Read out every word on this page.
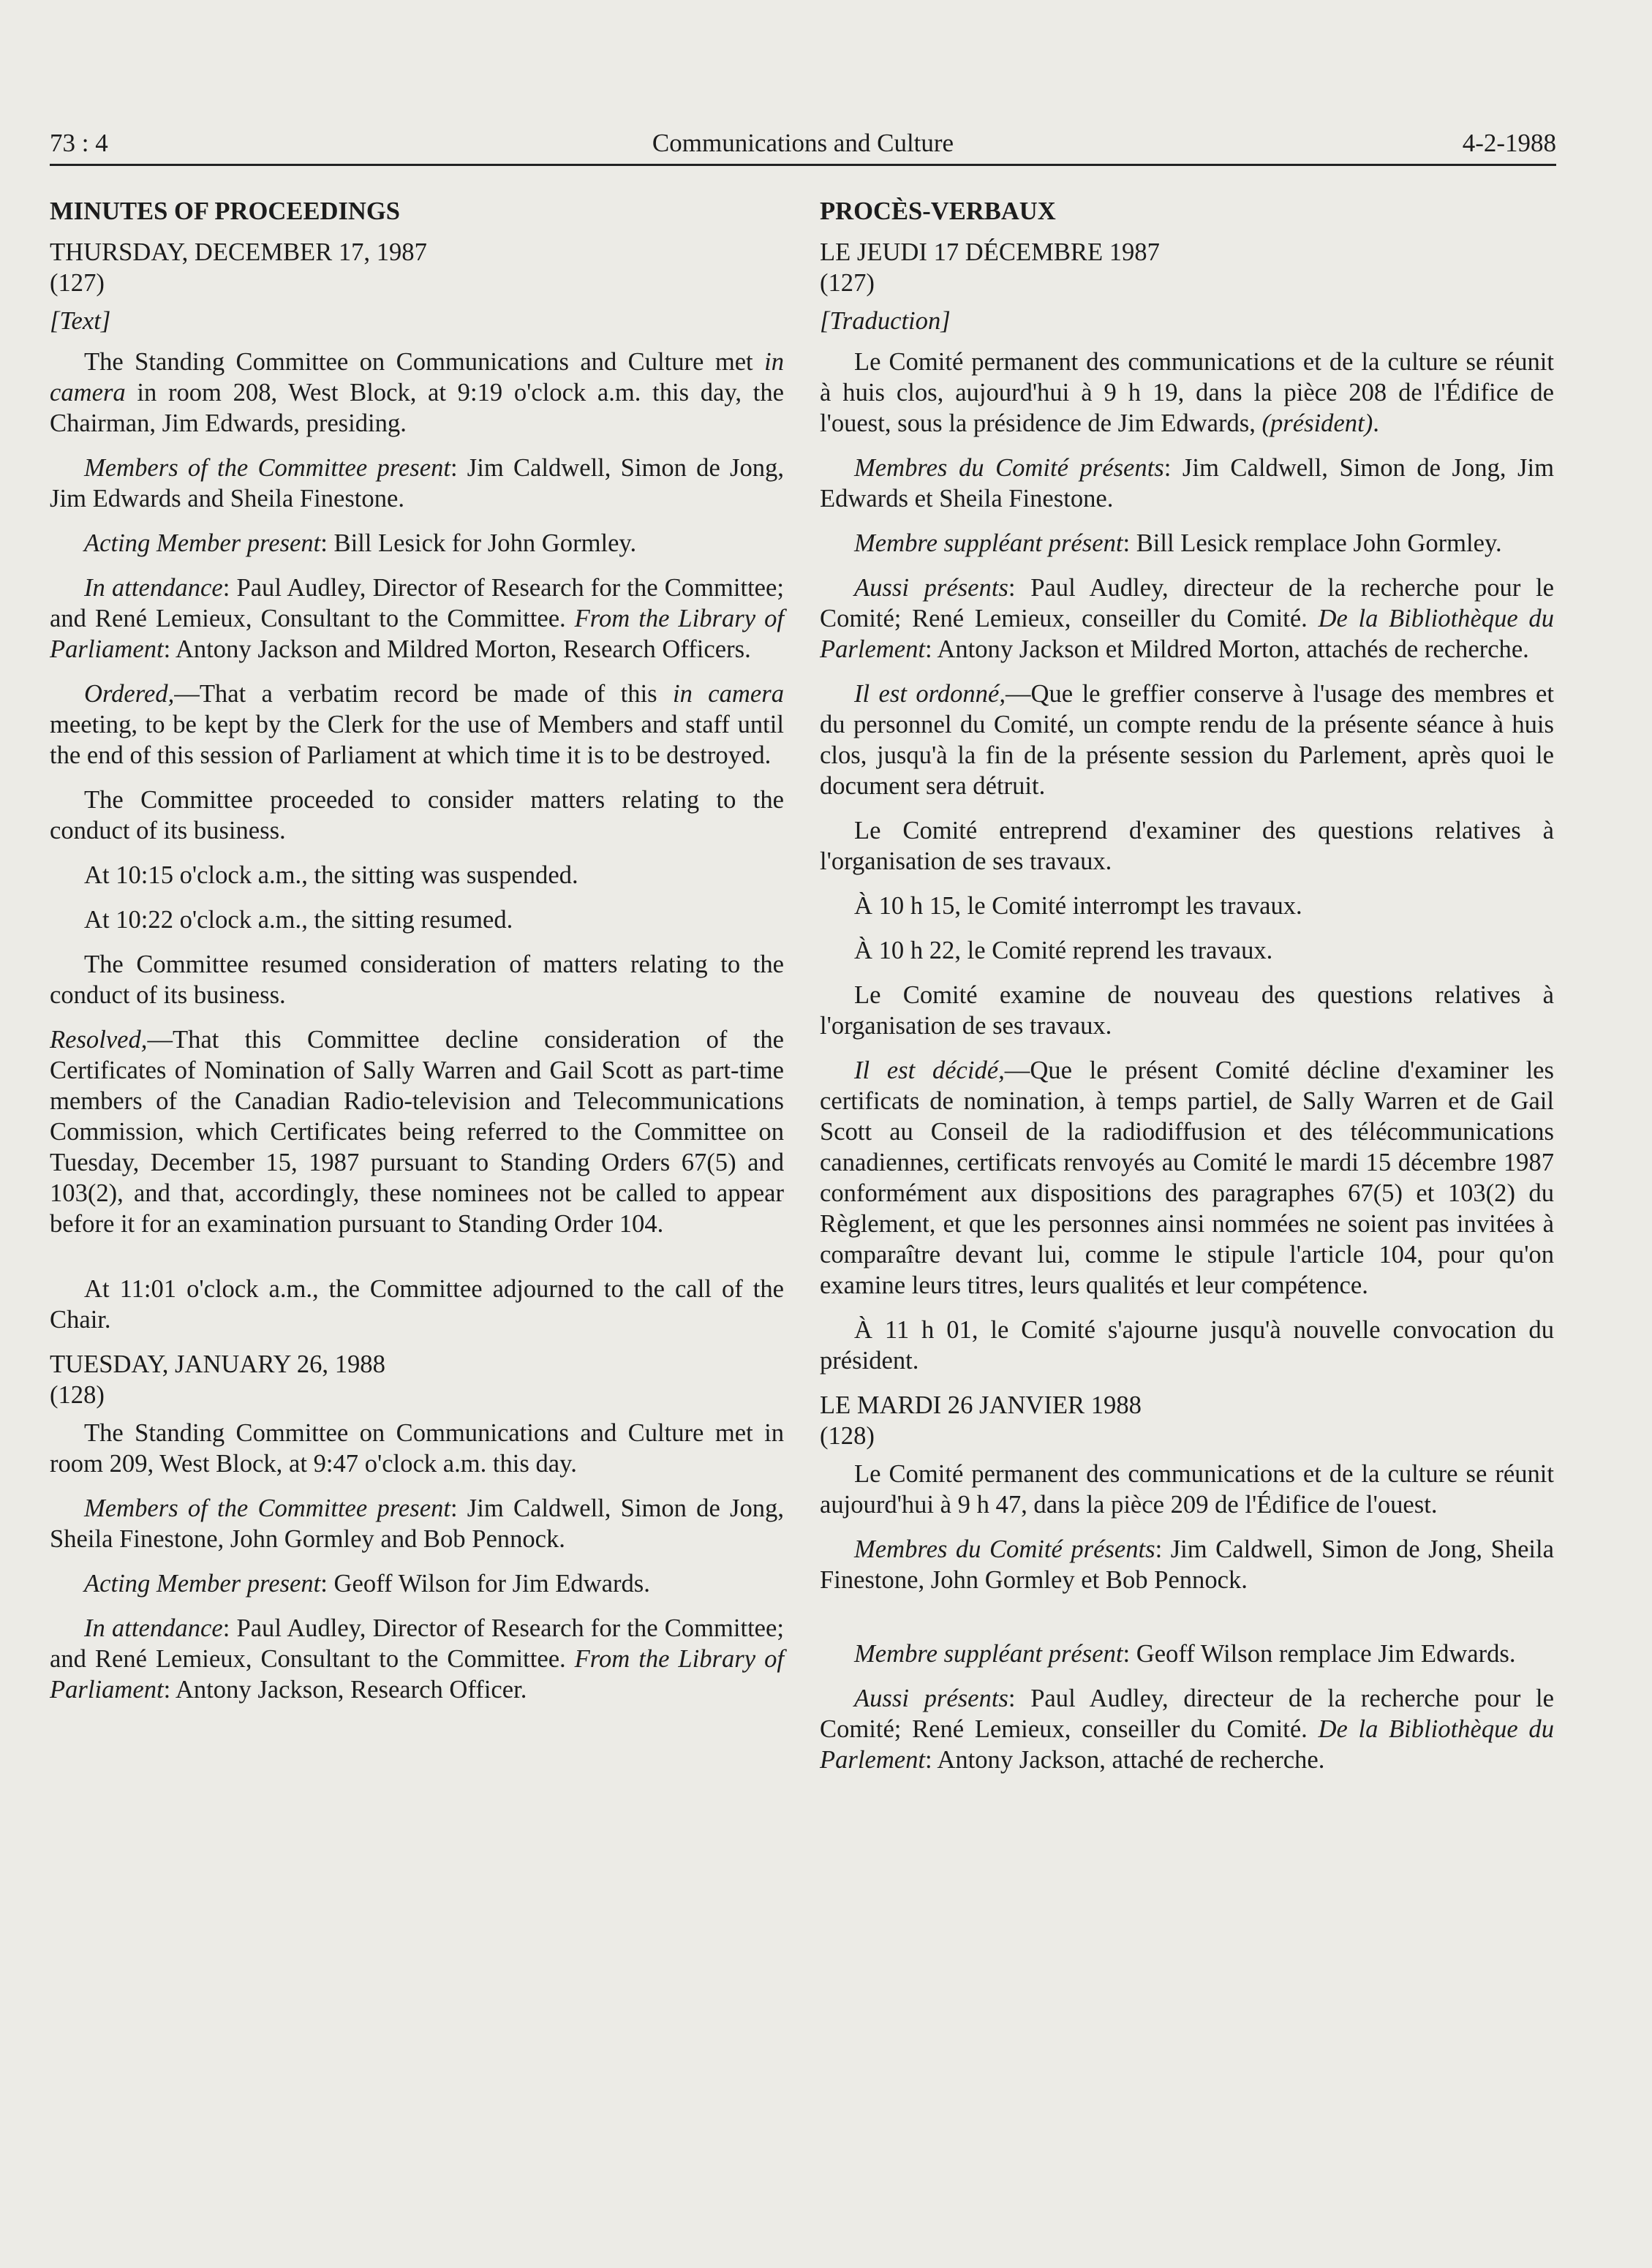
73 : 4	Communications and Culture	4-2-1988
MINUTES OF PROCEEDINGS
THURSDAY, DECEMBER 17, 1987
(127)
[Text]

The Standing Committee on Communications and Culture met in camera in room 208, West Block, at 9:19 o'clock a.m. this day, the Chairman, Jim Edwards, presiding.

Members of the Committee present: Jim Caldwell, Simon de Jong, Jim Edwards and Sheila Finestone.

Acting Member present: Bill Lesick for John Gormley.

In attendance: Paul Audley, Director of Research for the Committee; and René Lemieux, Consultant to the Committee. From the Library of Parliament: Antony Jackson and Mildred Morton, Research Officers.

Ordered,—That a verbatim record be made of this in camera meeting, to be kept by the Clerk for the use of Members and staff until the end of this session of Parliament at which time it is to be destroyed.

The Committee proceeded to consider matters relating to the conduct of its business.

At 10:15 o'clock a.m., the sitting was suspended.

At 10:22 o'clock a.m., the sitting resumed.

The Committee resumed consideration of matters relating to the conduct of its business.

Resolved,—That this Committee decline consideration of the Certificates of Nomination of Sally Warren and Gail Scott as part-time members of the Canadian Radio-television and Telecommunications Commission, which Certificates being referred to the Committee on Tuesday, December 15, 1987 pursuant to Standing Orders 67(5) and 103(2), and that, accordingly, these nominees not be called to appear before it for an examination pursuant to Standing Order 104.

At 11:01 o'clock a.m., the Committee adjourned to the call of the Chair.

TUESDAY, JANUARY 26, 1988
(128)

The Standing Committee on Communications and Culture met in room 209, West Block, at 9:47 o'clock a.m. this day.

Members of the Committee present: Jim Caldwell, Simon de Jong, Sheila Finestone, John Gormley and Bob Pennock.

Acting Member present: Geoff Wilson for Jim Edwards.

In attendance: Paul Audley, Director of Research for the Committee; and René Lemieux, Consultant to the Committee. From the Library of Parliament: Antony Jackson, Research Officer.

PROCÈS-VERBAUX
LE JEUDI 17 DÉCEMBRE 1987
(127)
[Traduction]

Le Comité permanent des communications et de la culture se réunit à huis clos, aujourd'hui à 9 h 19, dans la pièce 208 de l'Édifice de l'ouest, sous la présidence de Jim Edwards, (président).

Membres du Comité présents: Jim Caldwell, Simon de Jong, Jim Edwards et Sheila Finestone.

Membre suppléant présent: Bill Lesick remplace John Gormley.

Aussi présents: Paul Audley, directeur de la recherche pour le Comité; René Lemieux, conseiller du Comité. De la Bibliothèque du Parlement: Antony Jackson et Mildred Morton, attachés de recherche.

Il est ordonné,—Que le greffier conserve à l'usage des membres et du personnel du Comité, un compte rendu de la présente séance à huis clos, jusqu'à la fin de la présente session du Parlement, après quoi le document sera détruit.

Le Comité entreprend d'examiner des questions relatives à l'organisation de ses travaux.

À 10 h 15, le Comité interrompt les travaux.

À 10 h 22, le Comité reprend les travaux.

Le Comité examine de nouveau des questions relatives à l'organisation de ses travaux.

Il est décidé,—Que le présent Comité décline d'examiner les certificats de nomination, à temps partiel, de Sally Warren et de Gail Scott au Conseil de la radiodiffusion et des télécommunications canadiennes, certificats renvoyés au Comité le mardi 15 décembre 1987 conformément aux dispositions des paragraphes 67(5) et 103(2) du Règlement, et que les personnes ainsi nommées ne soient pas invitées à comparaître devant lui, comme le stipule l'article 104, pour qu'on examine leurs titres, leurs qualités et leur compétence.

À 11 h 01, le Comité s'ajourne jusqu'à nouvelle convocation du président.

LE MARDI 26 JANVIER 1988
(128)

Le Comité permanent des communications et de la culture se réunit aujourd'hui à 9 h 47, dans la pièce 209 de l'Édifice de l'ouest.

Membres du Comité présents: Jim Caldwell, Simon de Jong, Sheila Finestone, John Gormley et Bob Pennock.

Membre suppléant présent: Geoff Wilson remplace Jim Edwards.

Aussi présents: Paul Audley, directeur de la recherche pour le Comité; René Lemieux, conseiller du Comité. De la Bibliothèque du Parlement: Antony Jackson, attaché de recherche.
